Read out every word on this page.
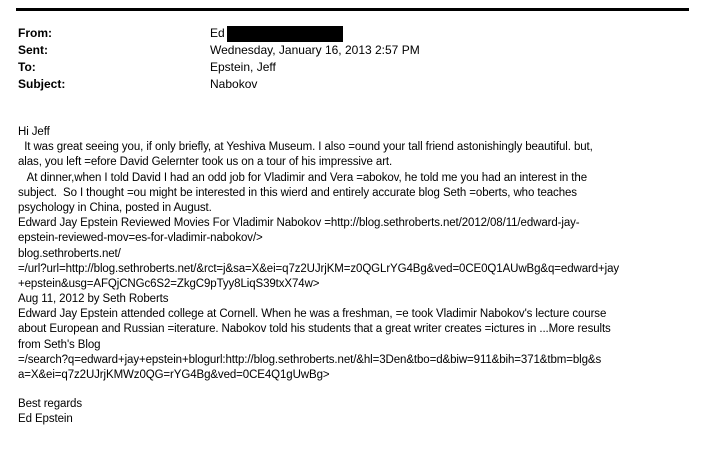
From:	Ed
Sent:	Wednesday, January 16, 2013 2:57 PM
To:	Epstein, Jeff
Subject:	Nabokov
Hi Jeff
It was great seeing you, if only briefly, at Yeshiva Museum. I also =ound your tall friend astonishingly beautiful. but,
alas, you left =efore David Gelernter took us on a tour of his impressive art.
At dinner,when I told David I had an odd job for Vladimir and Vera =abokov, he told me you had an interest in the
subject.  So I thought =ou might be interested in this wierd and entirely accurate blog Seth =oberts, who teaches
psychology in China, posted in August.
Edward Jay Epstein Reviewed Movies For Vladimir Nabokov =http://blog.sethroberts.net/2012/08/11/edward-jay-
epstein-reviewed-mov=es-for-vladimir-nabokov/>
blog.sethroberts.net/
=/url?url=http://blog.sethroberts.net/&rct=j&sa=X&ei=q7z2UJrjKM=z0QGLrYG4Bg&ved=0CE0Q1AUwBg&q=edward+jay
+epstein&usg=AFQjCNGc6S2=ZkgC9pTyy8LiqS39txX74w>
Aug 11, 2012 by Seth Roberts
Edward Jay Epstein attended college at Cornell. When he was a freshman, =e took Vladimir Nabokov's lecture course
about European and Russian =iterature. Nabokov told his students that a great writer creates =ictures in ...More results
from Seth's Blog
=/search?q=edward+jay+epstein+blogurl:http://blog.sethroberts.net/&hl=3Den&tbo=d&biw=911&bih=371&tbm=blg&s
a=X&ei=q7z2UJrjKMWz0QG=rYG4Bg&ved=0CE4Q1gUwBg>
Best regards
Ed Epstein
